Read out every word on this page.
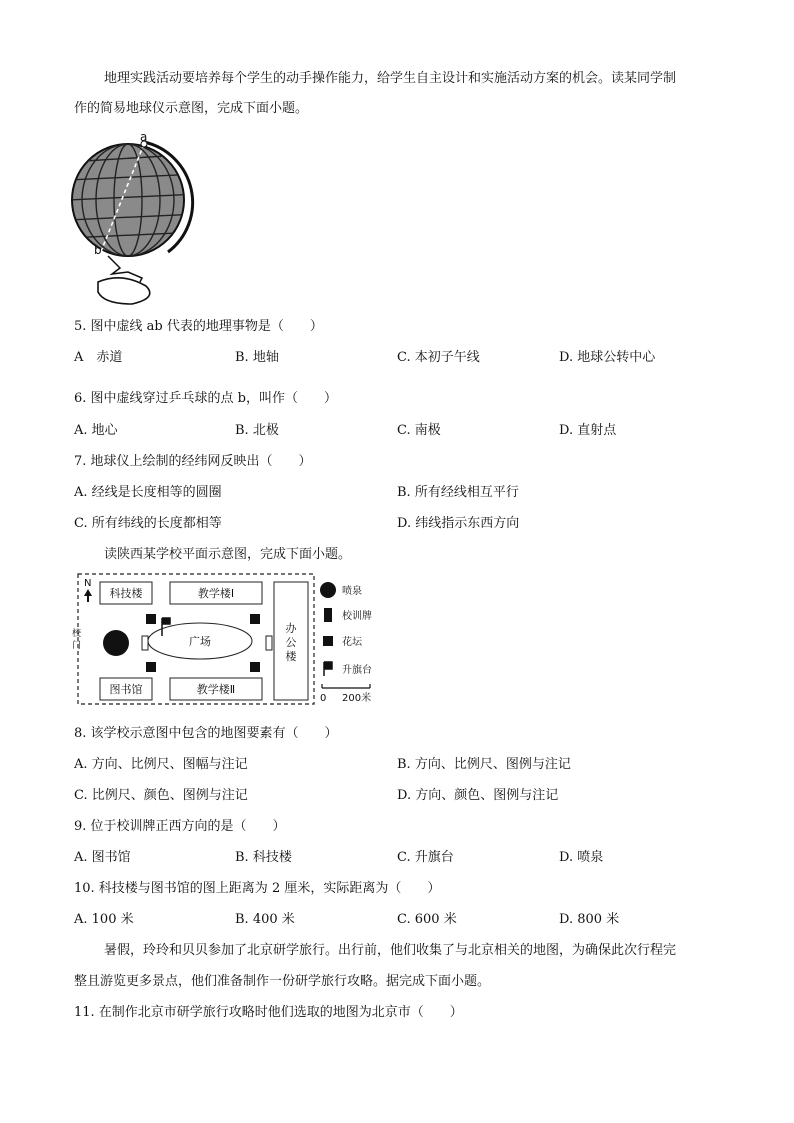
地理实践活动要培养每个学生的动手操作能力，给学生自主设计和实施活动方案的机会。读某同学制
作的简易地球仪示意图，完成下面小题。
a
b
5. 图中虚线 ab 代表的地理事物是（　　）
A　赤道	B. 地轴	C. 本初子午线	D. 地球公转中心
6. 图中虚线穿过乒乓球的点 b，叫作（　　）
A. 地心	B. 北极	C. 南极	D. 直射点
7. 地球仪上绘制的经纬网反映出（　　）
A. 经线是长度相等的圆圈	B. 所有经线相互平行
C. 所有纬线的长度都相等	D. 纬线指示东西方向
读陕西某学校平面示意图，完成下面小题。
N
校
门
科技楼	教学楼Ⅰ
图书馆	教学楼Ⅱ
办
公
楼
广场
喷泉
校训牌
花坛
升旗台
0 200米
8. 该学校示意图中包含的地图要素有（　　）
A. 方向、比例尺、图幅与注记	B. 方向、比例尺、图例与注记
C. 比例尺、颜色、图例与注记	D. 方向、颜色、图例与注记
9. 位于校训牌正西方向的是（　　）
A. 图书馆	B. 科技楼	C. 升旗台	D. 喷泉
10. 科技楼与图书馆的图上距离为 2 厘米，实际距离为（　　）
A. 100 米	B. 400 米	C. 600 米	D. 800 米
暑假，玲玲和贝贝参加了北京研学旅行。出行前，他们收集了与北京相关的地图，为确保此次行程完
整且游览更多景点，他们准备制作一份研学旅行攻略。据完成下面小题。
11. 在制作北京市研学旅行攻略时他们选取的地图为北京市（　　）
